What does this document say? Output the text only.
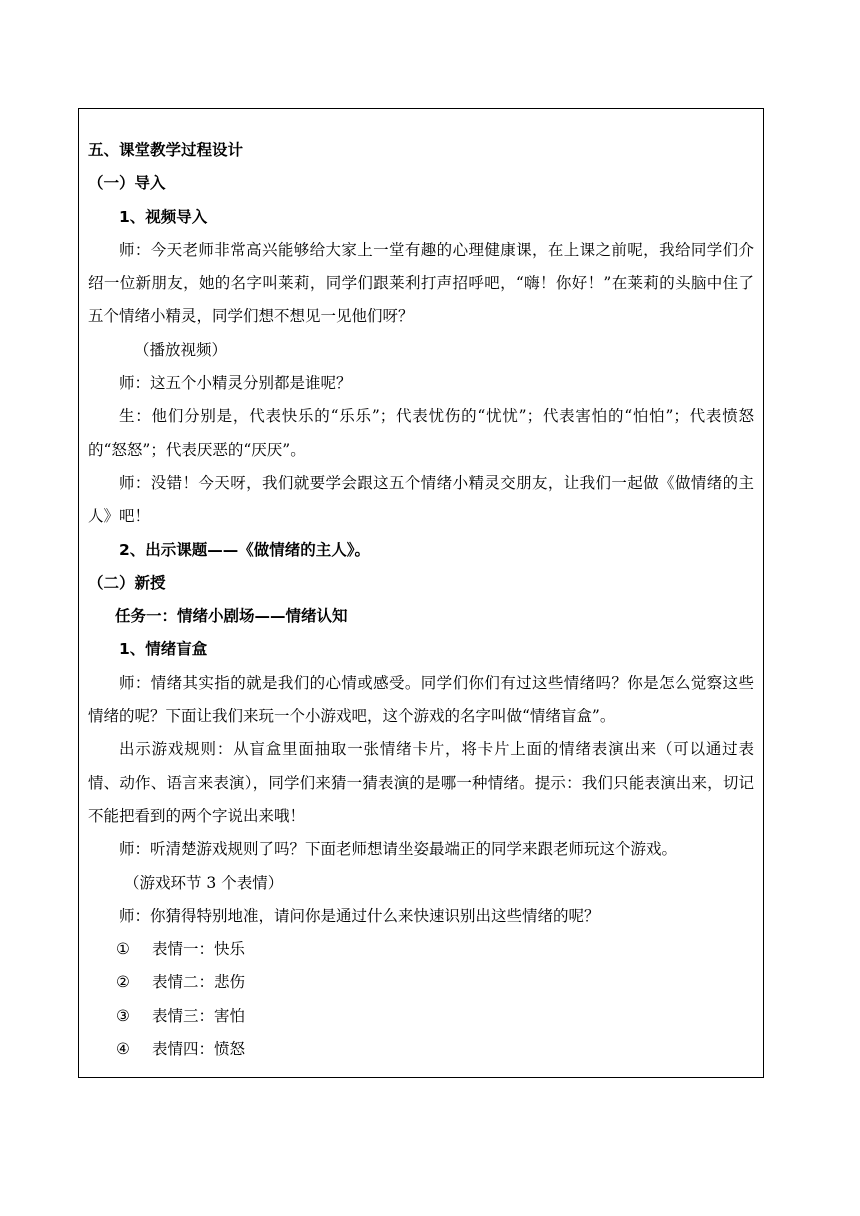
五、课堂教学过程设计

（一）导入

1、视频导入

师：今天老师非常高兴能够给大家上一堂有趣的心理健康课，在上课之前呢，我给同学们介绍一位新朋友，她的名字叫莱莉，同学们跟莱利打声招呼吧，“嗨！你好！”在莱莉的头脑中住了五个情绪小精灵，同学们想不想见一见他们呀？

（播放视频）

师：这五个小精灵分别都是谁呢？

生：他们分别是，代表快乐的“乐乐”；代表忧伤的“忧忧”；代表害怕的“怕怕”；代表愤怒的“怒怒”；代表厌恶的“厌厌”。

师：没错！今天呀，我们就要学会跟这五个情绪小精灵交朋友，让我们一起做《做情绪的主人》吧！

2、出示课题——《做情绪的主人》。

（二）新授

任务一：情绪小剧场——情绪认知

1、情绪盲盒

师：情绪其实指的就是我们的心情或感受。同学们你们有过这些情绪吗？你是怎么觉察这些情绪的呢？下面让我们来玩一个小游戏吧，这个游戏的名字叫做“情绪盲盒”。

出示游戏规则：从盲盒里面抽取一张情绪卡片，将卡片上面的情绪表演出来（可以通过表情、动作、语言来表演），同学们来猜一猜表演的是哪一种情绪。提示：我们只能表演出来，切记不能把看到的两个字说出来哦！

师：听清楚游戏规则了吗？下面老师想请坐姿最端正的同学来跟老师玩这个游戏。

（游戏环节 3 个表情）

师：你猜得特别地准，请问你是通过什么来快速识别出这些情绪的呢？

① 表情一：快乐

② 表情二：悲伤

③ 表情三：害怕

④ 表情四：愤怒
